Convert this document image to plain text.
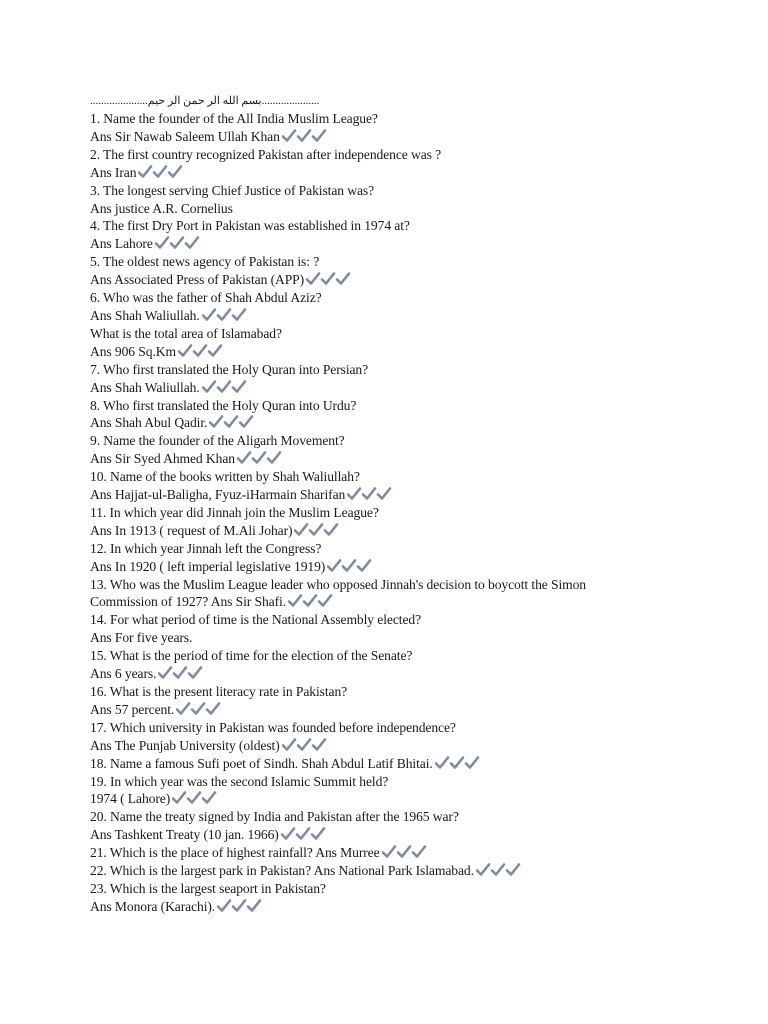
.....................بسم الله الر حمن الر حیم.....................
1. Name the founder of the All India Muslim League?
Ans Sir Nawab Saleem Ullah Khan
2. The first country recognized Pakistan after independence was ?
Ans Iran
3. The longest serving Chief Justice of Pakistan was?
Ans justice A.R. Cornelius
4. The first Dry Port in Pakistan was established in 1974 at?
Ans Lahore
5. The oldest news agency of Pakistan is: ?
Ans Associated Press of Pakistan (APP)
6. Who was the father of Shah Abdul Aziz?
Ans Shah Waliullah.
What is the total area of Islamabad?
Ans 906 Sq.Km
7. Who first translated the Holy Quran into Persian?
Ans Shah Waliullah.
8. Who first translated the Holy Quran into Urdu?
Ans Shah Abul Qadir.
9. Name the founder of the Aligarh Movement?
Ans Sir Syed Ahmed Khan
10. Name of the books written by Shah Waliullah?
Ans Hajjat-ul-Baligha, Fyuz-iHarmain Sharifan
11. In which year did Jinnah join the Muslim League?
Ans In 1913 ( request of M.Ali Johar)
12. In which year Jinnah left the Congress?
Ans In 1920 ( left imperial legislative 1919)
13. Who was the Muslim League leader who opposed Jinnah's decision to boycott the Simon
Commission of 1927? Ans Sir Shafi.
14. For what period of time is the National Assembly elected?
Ans For five years.
15. What is the period of time for the election of the Senate?
Ans 6 years.
16. What is the present literacy rate in Pakistan?
Ans 57 percent.
17. Which university in Pakistan was founded before independence?
Ans The Punjab University (oldest)
18. Name a famous Sufi poet of Sindh. Shah Abdul Latif Bhitai.
19. In which year was the second Islamic Summit held?
1974 ( Lahore)
20. Name the treaty signed by India and Pakistan after the 1965 war?
Ans Tashkent Treaty (10 jan. 1966)
21. Which is the place of highest rainfall? Ans Murree
22. Which is the largest park in Pakistan? Ans National Park Islamabad.
23. Which is the largest seaport in Pakistan?
Ans Monora (Karachi).
